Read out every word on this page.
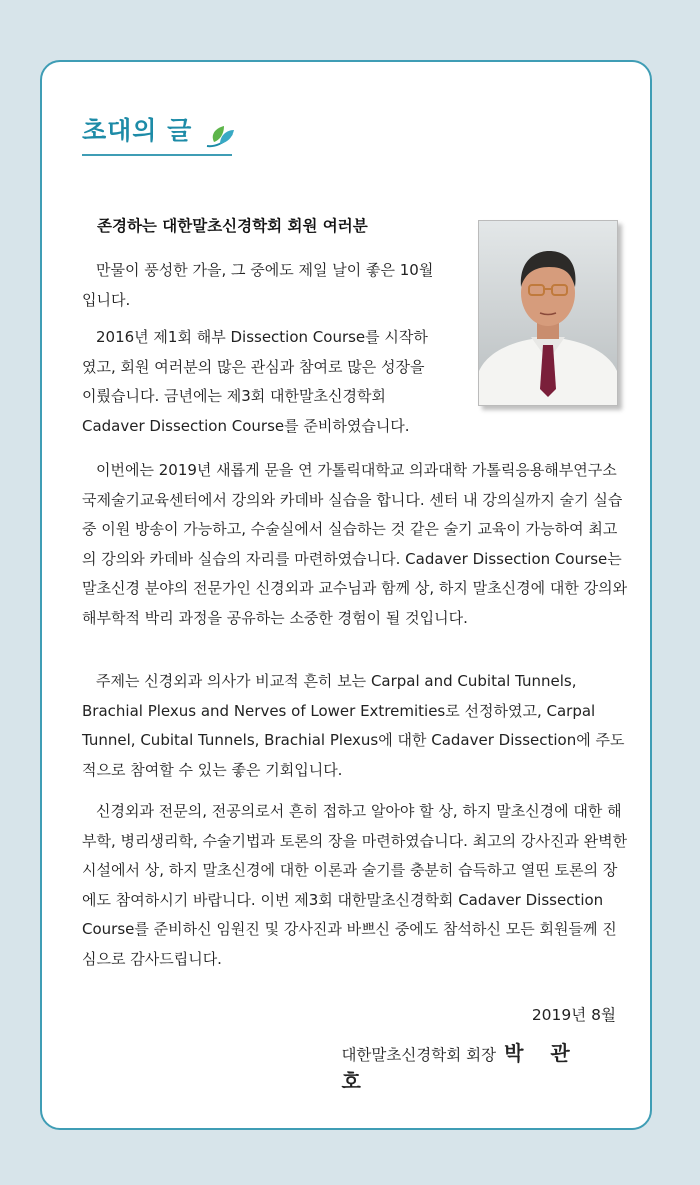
초대의 글
존경하는 대한말초신경학회 회원 여러분

만물이 풍성한 가을, 그 중에도 제일 날이 좋은 10월입니다.

2016년 제1회 해부 Dissection Course를 시작하였고, 회원 여러분의 많은 관심과 참여로 많은 성장을 이뤘습니다. 금년에는 제3회 대한말초신경학회 Cadaver Dissection Course를 준비하였습니다.

이번에는 2019년 새롭게 문을 연 가톨릭대학교 의과대학 가톨릭응용해부연구소 국제술기교육센터에서 강의와 카데바 실습을 합니다. 센터 내 강의실까지 술기 실습 중 이원 방송이 가능하고, 수술실에서 실습하는 것 같은 술기 교육이 가능하여 최고의 강의와 카데바 실습의 자리를 마련하였습니다. Cadaver Dissection Course는 말초신경 분야의 전문가인 신경외과 교수님과 함께 상, 하지 말초신경에 대한 강의와 해부학적 박리 과정을 공유하는 소중한 경험이 될 것입니다.

주제는 신경외과 의사가 비교적 흔히 보는 Carpal and Cubital Tunnels, Brachial Plexus and Nerves of Lower Extremities로 선정하였고, Carpal Tunnel, Cubital Tunnels, Brachial Plexus에 대한 Cadaver Dissection에 주도적으로 참여할 수 있는 좋은 기회입니다.

신경외과 전문의, 전공의로서 흔히 접하고 알아야 할 상, 하지 말초신경에 대한 해부학, 병리생리학, 수술기법과 토론의 장을 마련하였습니다. 최고의 강사진과 완벽한 시설에서 상, 하지 말초신경에 대한 이론과 술기를 충분히 습득하고 열띤 토론의 장에도 참여하시기 바랍니다. 이번 제3회 대한말초신경학회 Cadaver Dissection Course를 준비하신 임원진 및 강사진과 바쁘신 중에도 참석하신 모든 회원들께 진심으로 감사드립니다.

2019년 8월
대한말초신경학회 회장 박 관 호
